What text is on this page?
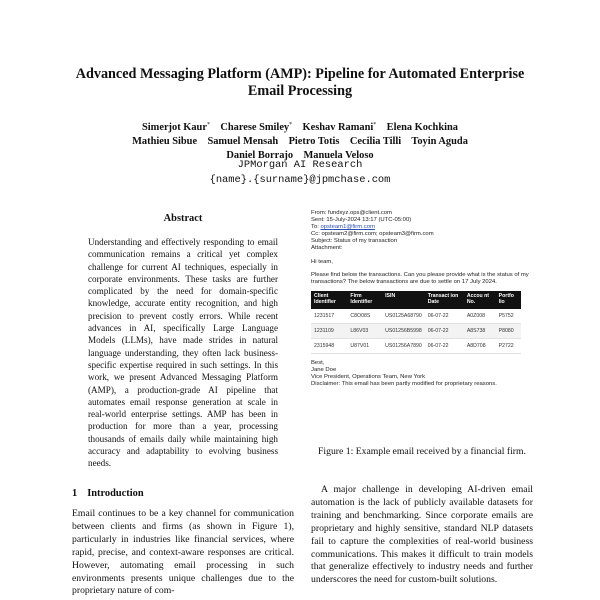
Advanced Messaging Platform (AMP): Pipeline for Automated Enterprise
Email Processing
Simerjot Kaur* Charese Smiley* Keshav Ramani* Elena Kochkina
Mathieu Sibue Samuel Mensah Pietro Totis Cecilia Tilli Toyin Aguda
Daniel Borrajo Manuela Veloso
JPMorgan AI Research
{name}.{surname}@jpmchase.com
Abstract
Understanding and effectively responding to email communication remains a critical yet complex challenge for current AI techniques, especially in corporate environments. These tasks are further complicated by the need for domain-specific knowledge, accurate entity recognition, and high precision to prevent costly errors. While recent advances in AI, specifically Large Language Models (LLMs), have made strides in natural language understanding, they often lack business-specific expertise required in such settings. In this work, we present Advanced Messaging Platform (AMP), a production-grade AI pipeline that automates email response generation at scale in real-world enterprise settings. AMP has been in production for more than a year, processing thousands of emails daily while maintaining high accuracy and adaptability to evolving business needs.
1 Introduction
Email continues to be a key channel for communication between clients and firms (as shown in Figure 1), particularly in industries like financial services, where rapid, precise, and context-aware responses are critical. However, automating email processing in such environments presents unique challenges due to the proprietary nature of com-
From: fundxyz.ops@client.com
Sent: 15-July-2024 13:17 (UTC-05:00)
To: opsteam1@firm.com
Cc: opsteam2@firm.com; opsteam3@firm.com
Subject: Status of my transaction
Attachment:
Hi team,
Please find below the transactions. Can you please provide what is the status of my transactions? The below transactions are due to settle on 17 July 2024.
Client Identifier	Firm Identifier	ISIN	Transact ion Date	Accou nt No.	Portfo lio
1231517	C8O08S	US0125A68790	06-07-22	A0Z008	P5752
1231109	L86V03	US01256B5998	06-07-22	A8S738	P8080
2315948	U87V01	US01256A7890	06-07-22	A8D708	P2722
Best,
Jane Doe
Vice President, Operations Team, New York
Disclaimer: This email has been partly modified for proprietary reasons.
Figure 1: Example email received by a financial firm.
A major challenge in developing AI-driven email automation is the lack of publicly available datasets for training and benchmarking. Since corporate emails are proprietary and highly sensitive, standard NLP datasets fail to capture the complexities of real-world business communications. This makes it difficult to train models that generalize effectively to industry needs and further underscores the need for custom-built solutions.
